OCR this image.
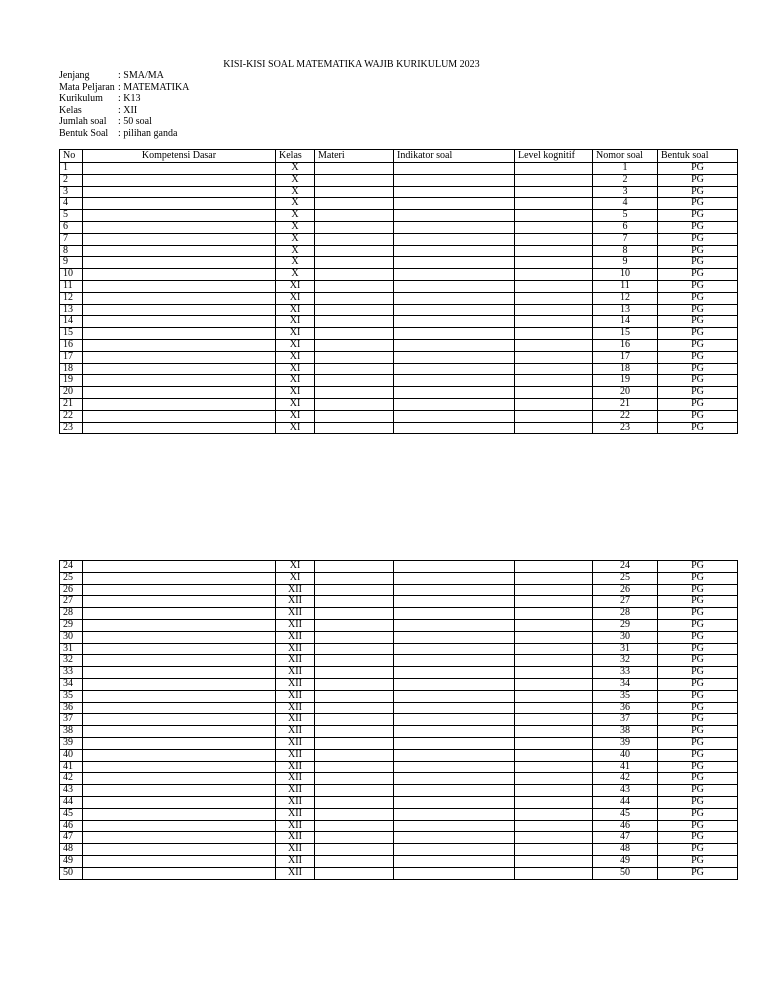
KISI-KISI SOAL MATEMATIKA WAJIB KURIKULUM 2023
Jenjang	: SMA/MA
Mata Peljaran : MATEMATIKA
Kurikulum : K13
Kelas	: XII
Jumlah soal : 50 soal
Bentuk Soal : pilihan ganda
No	Kompetensi Dasar	Kelas	Materi	Indikator soal	Level kognitif	Nomor soal	Bentuk soal
1		X				1	PG
2		X				2	PG
3		X				3	PG
4		X				4	PG
5		X				5	PG
6		X				6	PG
7		X				7	PG
8		X				8	PG
9		X				9	PG
10		X				10	PG
11		XI				11	PG
12		XI				12	PG
13		XI				13	PG
14		XI				14	PG
15		XI				15	PG
16		XI				16	PG
17		XI				17	PG
18		XI				18	PG
19		XI				19	PG
20		XI				20	PG
21		XI				21	PG
22		XI				22	PG
23		XI				23	PG
24		XI				24	PG
25		XI				25	PG
26		XII				26	PG
27		XII				27	PG
28		XII				28	PG
29		XII				29	PG
30		XII				30	PG
31		XII				31	PG
32		XII				32	PG
33		XII				33	PG
34		XII				34	PG
35		XII				35	PG
36		XII				36	PG
37		XII				37	PG
38		XII				38	PG
39		XII				39	PG
40		XII				40	PG
41		XII				41	PG
42		XII				42	PG
43		XII				43	PG
44		XII				44	PG
45		XII				45	PG
46		XII				46	PG
47		XII				47	PG
48		XII				48	PG
49		XII				49	PG
50		XII				50	PG
